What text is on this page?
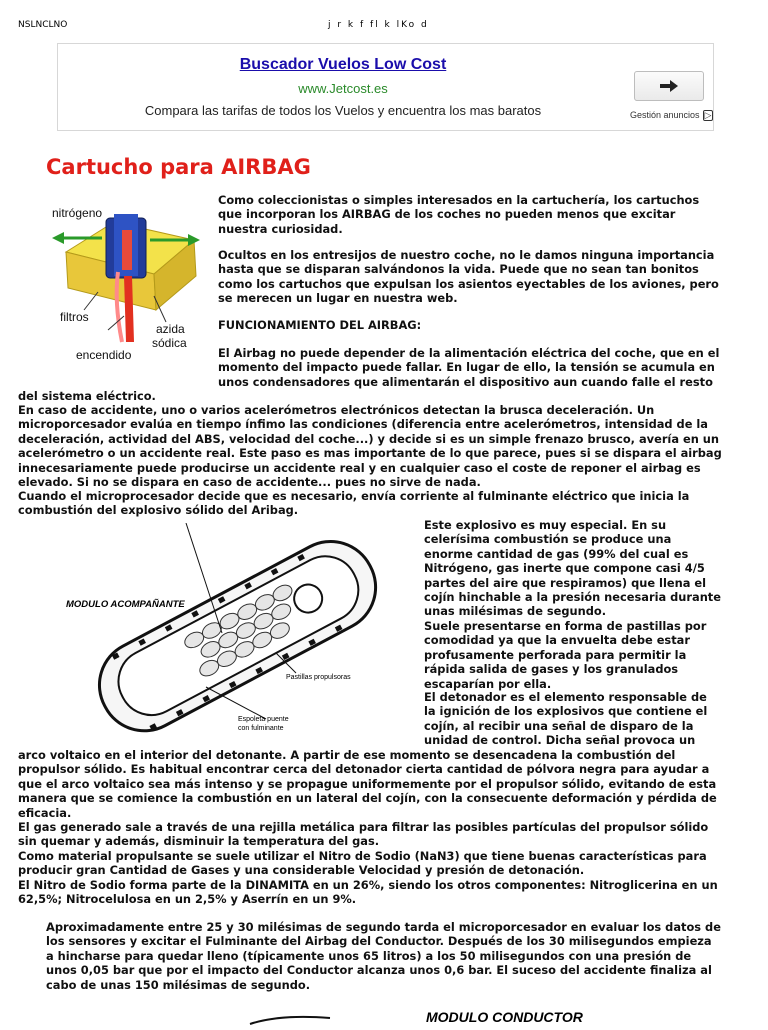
NSLNCLNO	j r k f fl k lKo d
Buscador Vuelos Low Cost
www.Jetcost.es
Compara las tarifas de todos los Vuelos y encuentra los mas baratos	Gestión anuncios ▷
Cartucho para AIRBAG
nitrógeno
filtros
azida
sódica
encendido

Como coleccionistas o simples interesados en la cartuchería, los cartuchos que incorporan los AIRBAG de los coches no pueden menos que excitar nuestra curiosidad.

Ocultos en los entresijos de nuestro coche, no le damos ninguna importancia hasta que se disparan salvándonos la vida. Puede que no sean tan bonitos como los cartuchos que expulsan los asientos eyectables de los aviones, pero se merecen un lugar en nuestra web.

FUNCIONAMIENTO DEL AIRBAG:

El Airbag no puede depender de la alimentación eléctrica del coche, que en el momento del impacto puede fallar. En lugar de ello, la tensión se acumula en unos condensadores que alimentarán el dispositivo aun cuando falle el resto

del sistema eléctrico.

En caso de accidente, uno o varios acelerómetros electrónicos detectan la brusca deceleración. Un microporcesador evalúa en tiempo ínfimo las condiciones (diferencia entre acelerómetros, intensidad de la deceleración, actividad del ABS, velocidad del coche...) y decide si es un simple frenazo brusco, avería en un acelerómetro o un accidente real. Este paso es mas importante de lo que parece, pues si se dispara el airbag innecesariamente puede producirse un accidente real y en cualquier caso el coste de reponer el airbag es elevado. Si no se dispara en caso de accidente... pues no sirve de nada.

Cuando el microprocesador decide que es necesario, envía corriente al fulminante eléctrico que inicia la combustión del explosivo sólido del Aribag.

MODULO ACOMPAÑANTE
Pastillas propulsoras
Espoleta puente
con fulminante

Este explosivo es muy especial. En su celerísima combustión se produce una enorme cantidad de gas (99% del cual es Nitrógeno, gas inerte que compone casi 4/5 partes del aire que respiramos) que llena el cojín hinchable a la presión necesaria durante unas milésimas de segundo.

Suele presentarse en forma de pastillas por comodidad ya que la envuelta debe estar profusamente perforada para permitir la rápida salida de gases y los granulados escaparían por ella.

El detonador es el elemento responsable de la ignición de los explosivos que contiene el cojín, al recibir una señal de disparo de la unidad de control. Dicha señal provoca un

arco voltaico en el interior del detonante. A partir de ese momento se desencadena la combustión del propulsor sólido. Es habitual encontrar cerca del detonador cierta cantidad de pólvora negra para ayudar a que el arco voltaico sea más intenso y se propague uniformemente por el propulsor sólido, evitando de esta manera que se comience la combustión en un lateral del cojín, con la consecuente deformación y pérdida de eficacia.

El gas generado sale a través de una rejilla metálica para filtrar las posibles partículas del propulsor sólido sin quemar y además, disminuir la temperatura del gas.

Como material propulsante se suele utilizar el Nitro de Sodio (NaN3) que tiene buenas características para producir gran Cantidad de Gases y una considerable Velocidad y presión de detonación.

El Nitro de Sodio forma parte de la DINAMITA en un 26%, siendo los otros componentes: Nitroglicerina en un 62,5%; Nitrocelulosa en un 2,5% y Aserrín en un 9%.

Aproximadamente entre 25 y 30 milésimas de segundo tarda el microporcesador en evaluar los datos de los sensores y excitar el Fulminante del Airbag del Conductor. Después de los 30 milisegundos empieza a hincharse para quedar lleno (típicamente unos 65 litros) a los 50 milisegundos con una presión de unos 0,05 bar que por el impacto del Conductor alcanza unos 0,6 bar. El suceso del accidente finaliza al cabo de unas 150 milésimas de segundo.

MODULO CONDUCTOR
